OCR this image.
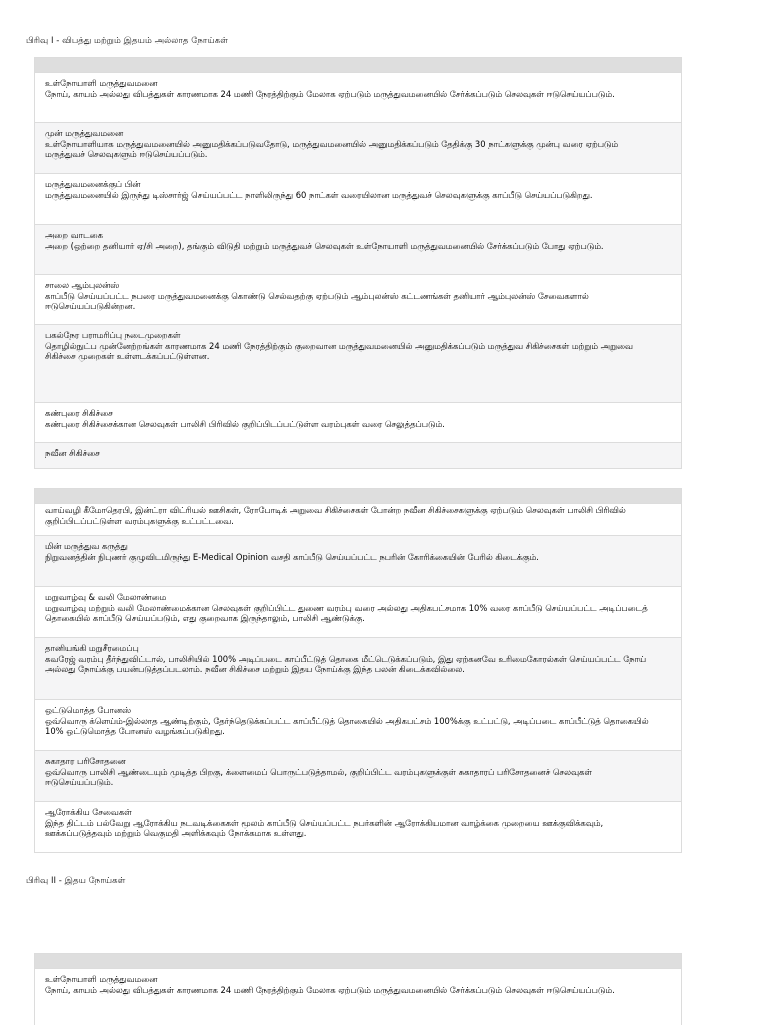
பிரிவு I - விபத்து மற்றும் இதயம் அல்லாத நோய்கள்
உள்நோயாளி மருத்துவமனை
நோய், காயம் அல்லது விபத்துகள் காரணமாக 24 மணி நேரத்திற்கும் மேலாக ஏற்படும் மருத்துவமனையில் சேர்க்கப்படும் செலவுகள் ஈடுசெய்யப்படும்.
முன் மருத்துவமனை
உள்நோயாளியாக மருத்துவமனையில் அனுமதிக்கப்படுவதோடு, மருத்துவமனையில் அனுமதிக்கப்படும் தேதிக்கு 30 நாட்களுக்கு முன்பு வரை ஏற்படும் மருத்துவச் செலவுகளும் ஈடுசெய்யப்படும்.
மருத்துவமனைக்குப் பின்
மருத்துவமனையில் இருந்து டிஸ்சார்ஜ் செய்யப்பட்ட நாளிலிருந்து 60 நாட்கள் வரையிலான மருத்துவச் செலவுகளுக்கு காப்பீடு செய்யப்படுகிறது.
அறை வாடகை
அறை (ஒற்றை தனியார் ஏ/சி அறை), தங்கும் விடுதி மற்றும் மருத்துவச் செலவுகள் உள்நோயாளி மருத்துவமனையில் சேர்க்கப்படும் போது ஏற்படும்.
சாலை ஆம்புலன்ஸ்
காப்பீடு செய்யப்பட்ட நபரை மருத்துவமனைக்கு கொண்டு செல்வதற்கு ஏற்படும் ஆம்புலன்ஸ் கட்டணங்கள் தனியார் ஆம்புலன்ஸ் சேவைகளால் ஈடுசெய்யப்படுகின்றன.
பகல்நேர பராமரிப்பு நடைமுறைகள்
தொழில்நுட்ப முன்னேற்றங்கள் காரணமாக 24 மணி நேரத்திற்கும் குறைவான மருத்துவமனையில் அனுமதிக்கப்படும் மருத்துவ சிகிச்சைகள் மற்றும் அறுவை சிகிச்சை முறைகள் உள்ளடக்கப்பட்டுள்ளன.
கண்புரை சிகிச்சை
கண்புரை சிகிச்சைக்கான செலவுகள் பாலிசி பிரிவில் குறிப்பிடப்பட்டுள்ள வரம்புகள் வரை செலுத்தப்படும்.
நவீன சிகிச்சை
வாய்வழி கீமோதெரபி, இன்ட்ரா விட்ரியல் ஊசிகள், ரோபோடிக் அறுவை சிகிச்சைகள் போன்ற நவீன சிகிச்சைகளுக்கு ஏற்படும் செலவுகள் பாலிசி பிரிவில் குறிப்பிடப்பட்டுள்ள வரம்புகளுக்கு உட்பட்டவை.
மின் மருத்துவ கருத்து
நிறுவனத்தின் நிபுணர் குழுவிடமிருந்து E-Medical Opinion வசதி காப்பீடு செய்யப்பட்ட நபரின் கோரிக்கையின் பேரில் கிடைக்கும்.
மறுவாழ்வு & வலி மேலாண்மை
மறுவாழ்வு மற்றும் வலி மேலாண்மைக்கான செலவுகள் குறிப்பிட்ட துணை வரம்பு வரை அல்லது அதிகபட்சமாக 10% வரை காப்பீடு செய்யப்பட்ட அடிப்படைத் தொகையில் காப்பீடு செய்யப்படும், எது குறைவாக இருந்தாலும், பாலிசி ஆண்டுக்கு.
தானியங்கி மறுசீரமைப்பு
கவரேஜ் வரம்பு தீர்ந்துவிட்டால், பாலிசியில் 100% அடிப்படை காப்பீட்டுத் தொகை மீட்டெடுக்கப்படும், இது ஏற்கனவே உரிமைகோரல்கள் செய்யப்பட்ட நோய் அல்லது நோய்க்கு பயன்படுத்தப்படலாம். நவீன சிகிச்சை மற்றும் இதய நோய்க்கு இந்த பலன் கிடைக்கவில்லை.
ஒட்டுமொத்த போனஸ்
ஒவ்வொரு க்ளெய்ம்-இல்லாத ஆண்டிற்கும், தேர்ந்தெடுக்கப்பட்ட காப்பீட்டுத் தொகையில் அதிகபட்சம் 100%க்கு உட்பட்டு, அடிப்படை காப்பீட்டுத் தொகையில் 10% ஒட்டுமொத்த போனஸ் வழங்கப்படுகிறது.
சுகாதார பரிசோதனை
ஒவ்வொரு பாலிசி ஆண்டையும் முடித்த பிறகு, க்ளைமைப் பொருட்படுத்தாமல், குறிப்பிட்ட வரம்புகளுக்குள் சுகாதாரப் பரிசோதனைச் செலவுகள் ஈடுசெய்யப்படும்.
ஆரோக்கிய சேவைகள்
இந்த திட்டம் பல்வேறு ஆரோக்கிய நடவடிக்கைகள் மூலம் காப்பீடு செய்யப்பட்ட நபர்களின் ஆரோக்கியமான வாழ்க்கை முறையை ஊக்குவிக்கவும், ஊக்கப்படுத்தவும் மற்றும் வெகுமதி அளிக்கவும் நோக்கமாக உள்ளது.
பிரிவு II - இதய நோய்கள்
உள்நோயாளி மருத்துவமனை
நோய், காயம் அல்லது விபத்துகள் காரணமாக 24 மணி நேரத்திற்கும் மேலாக ஏற்படும் மருத்துவமனையில் சேர்க்கப்படும் செலவுகள் ஈடுசெய்யப்படும்.
